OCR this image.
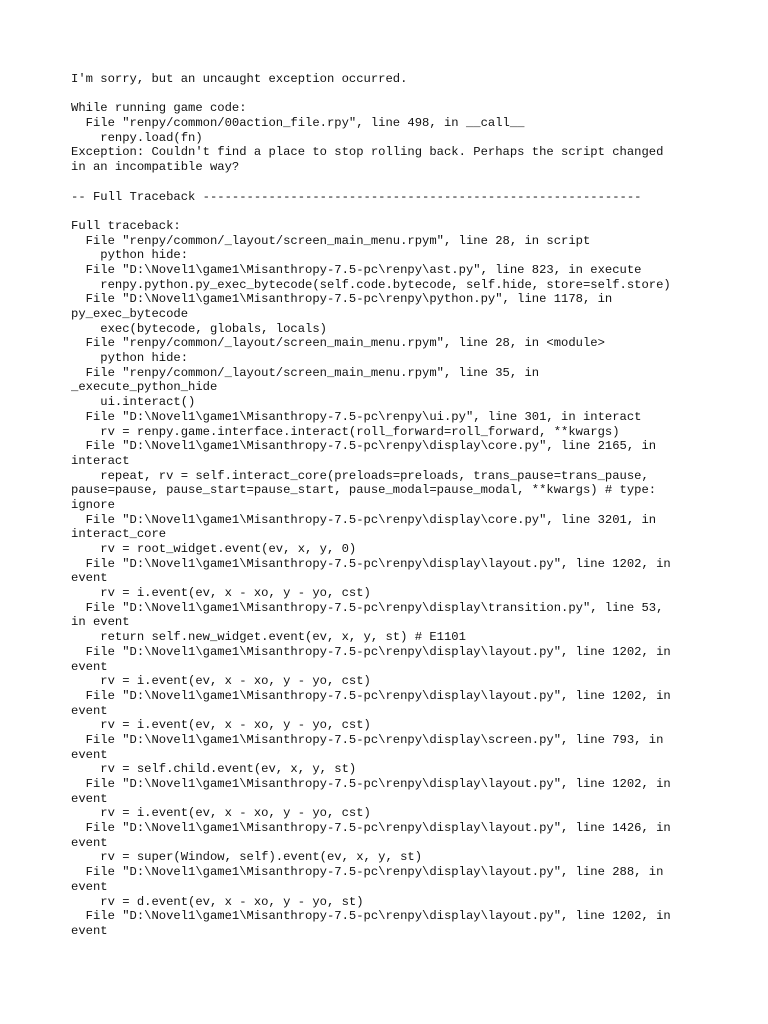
I'm sorry, but an uncaught exception occurred.
While running game code:
File "renpy/common/00action_file.rpy", line 498, in __call__
renpy.load(fn)
Exception: Couldn't find a place to stop rolling back. Perhaps the script changed
in an incompatible way?
-- Full Traceback ------------------------------------------------------------
Full traceback:
File "renpy/common/_layout/screen_main_menu.rpym", line 28, in script
python hide:
File "D:\Novel1\game1\Misanthropy-7.5-pc\renpy\ast.py", line 823, in execute
renpy.python.py_exec_bytecode(self.code.bytecode, self.hide, store=self.store)
File "D:\Novel1\game1\Misanthropy-7.5-pc\renpy\python.py", line 1178, in
py_exec_bytecode
exec(bytecode, globals, locals)
File "renpy/common/_layout/screen_main_menu.rpym", line 28, in <module>
python hide:
File "renpy/common/_layout/screen_main_menu.rpym", line 35, in
_execute_python_hide
ui.interact()
File "D:\Novel1\game1\Misanthropy-7.5-pc\renpy\ui.py", line 301, in interact
rv = renpy.game.interface.interact(roll_forward=roll_forward, **kwargs)
File "D:\Novel1\game1\Misanthropy-7.5-pc\renpy\display\core.py", line 2165, in
interact
repeat, rv = self.interact_core(preloads=preloads, trans_pause=trans_pause,
pause=pause, pause_start=pause_start, pause_modal=pause_modal, **kwargs) # type:
ignore
File "D:\Novel1\game1\Misanthropy-7.5-pc\renpy\display\core.py", line 3201, in
interact_core
rv = root_widget.event(ev, x, y, 0)
File "D:\Novel1\game1\Misanthropy-7.5-pc\renpy\display\layout.py", line 1202, in
event
rv = i.event(ev, x - xo, y - yo, cst)
File "D:\Novel1\game1\Misanthropy-7.5-pc\renpy\display\transition.py", line 53,
in event
return self.new_widget.event(ev, x, y, st) # E1101
File "D:\Novel1\game1\Misanthropy-7.5-pc\renpy\display\layout.py", line 1202, in
event
rv = i.event(ev, x - xo, y - yo, cst)
File "D:\Novel1\game1\Misanthropy-7.5-pc\renpy\display\layout.py", line 1202, in
event
rv = i.event(ev, x - xo, y - yo, cst)
File "D:\Novel1\game1\Misanthropy-7.5-pc\renpy\display\screen.py", line 793, in
event
rv = self.child.event(ev, x, y, st)
File "D:\Novel1\game1\Misanthropy-7.5-pc\renpy\display\layout.py", line 1202, in
event
rv = i.event(ev, x - xo, y - yo, cst)
File "D:\Novel1\game1\Misanthropy-7.5-pc\renpy\display\layout.py", line 1426, in
event
rv = super(Window, self).event(ev, x, y, st)
File "D:\Novel1\game1\Misanthropy-7.5-pc\renpy\display\layout.py", line 288, in
event
rv = d.event(ev, x - xo, y - yo, st)
File "D:\Novel1\game1\Misanthropy-7.5-pc\renpy\display\layout.py", line 1202, in
event
